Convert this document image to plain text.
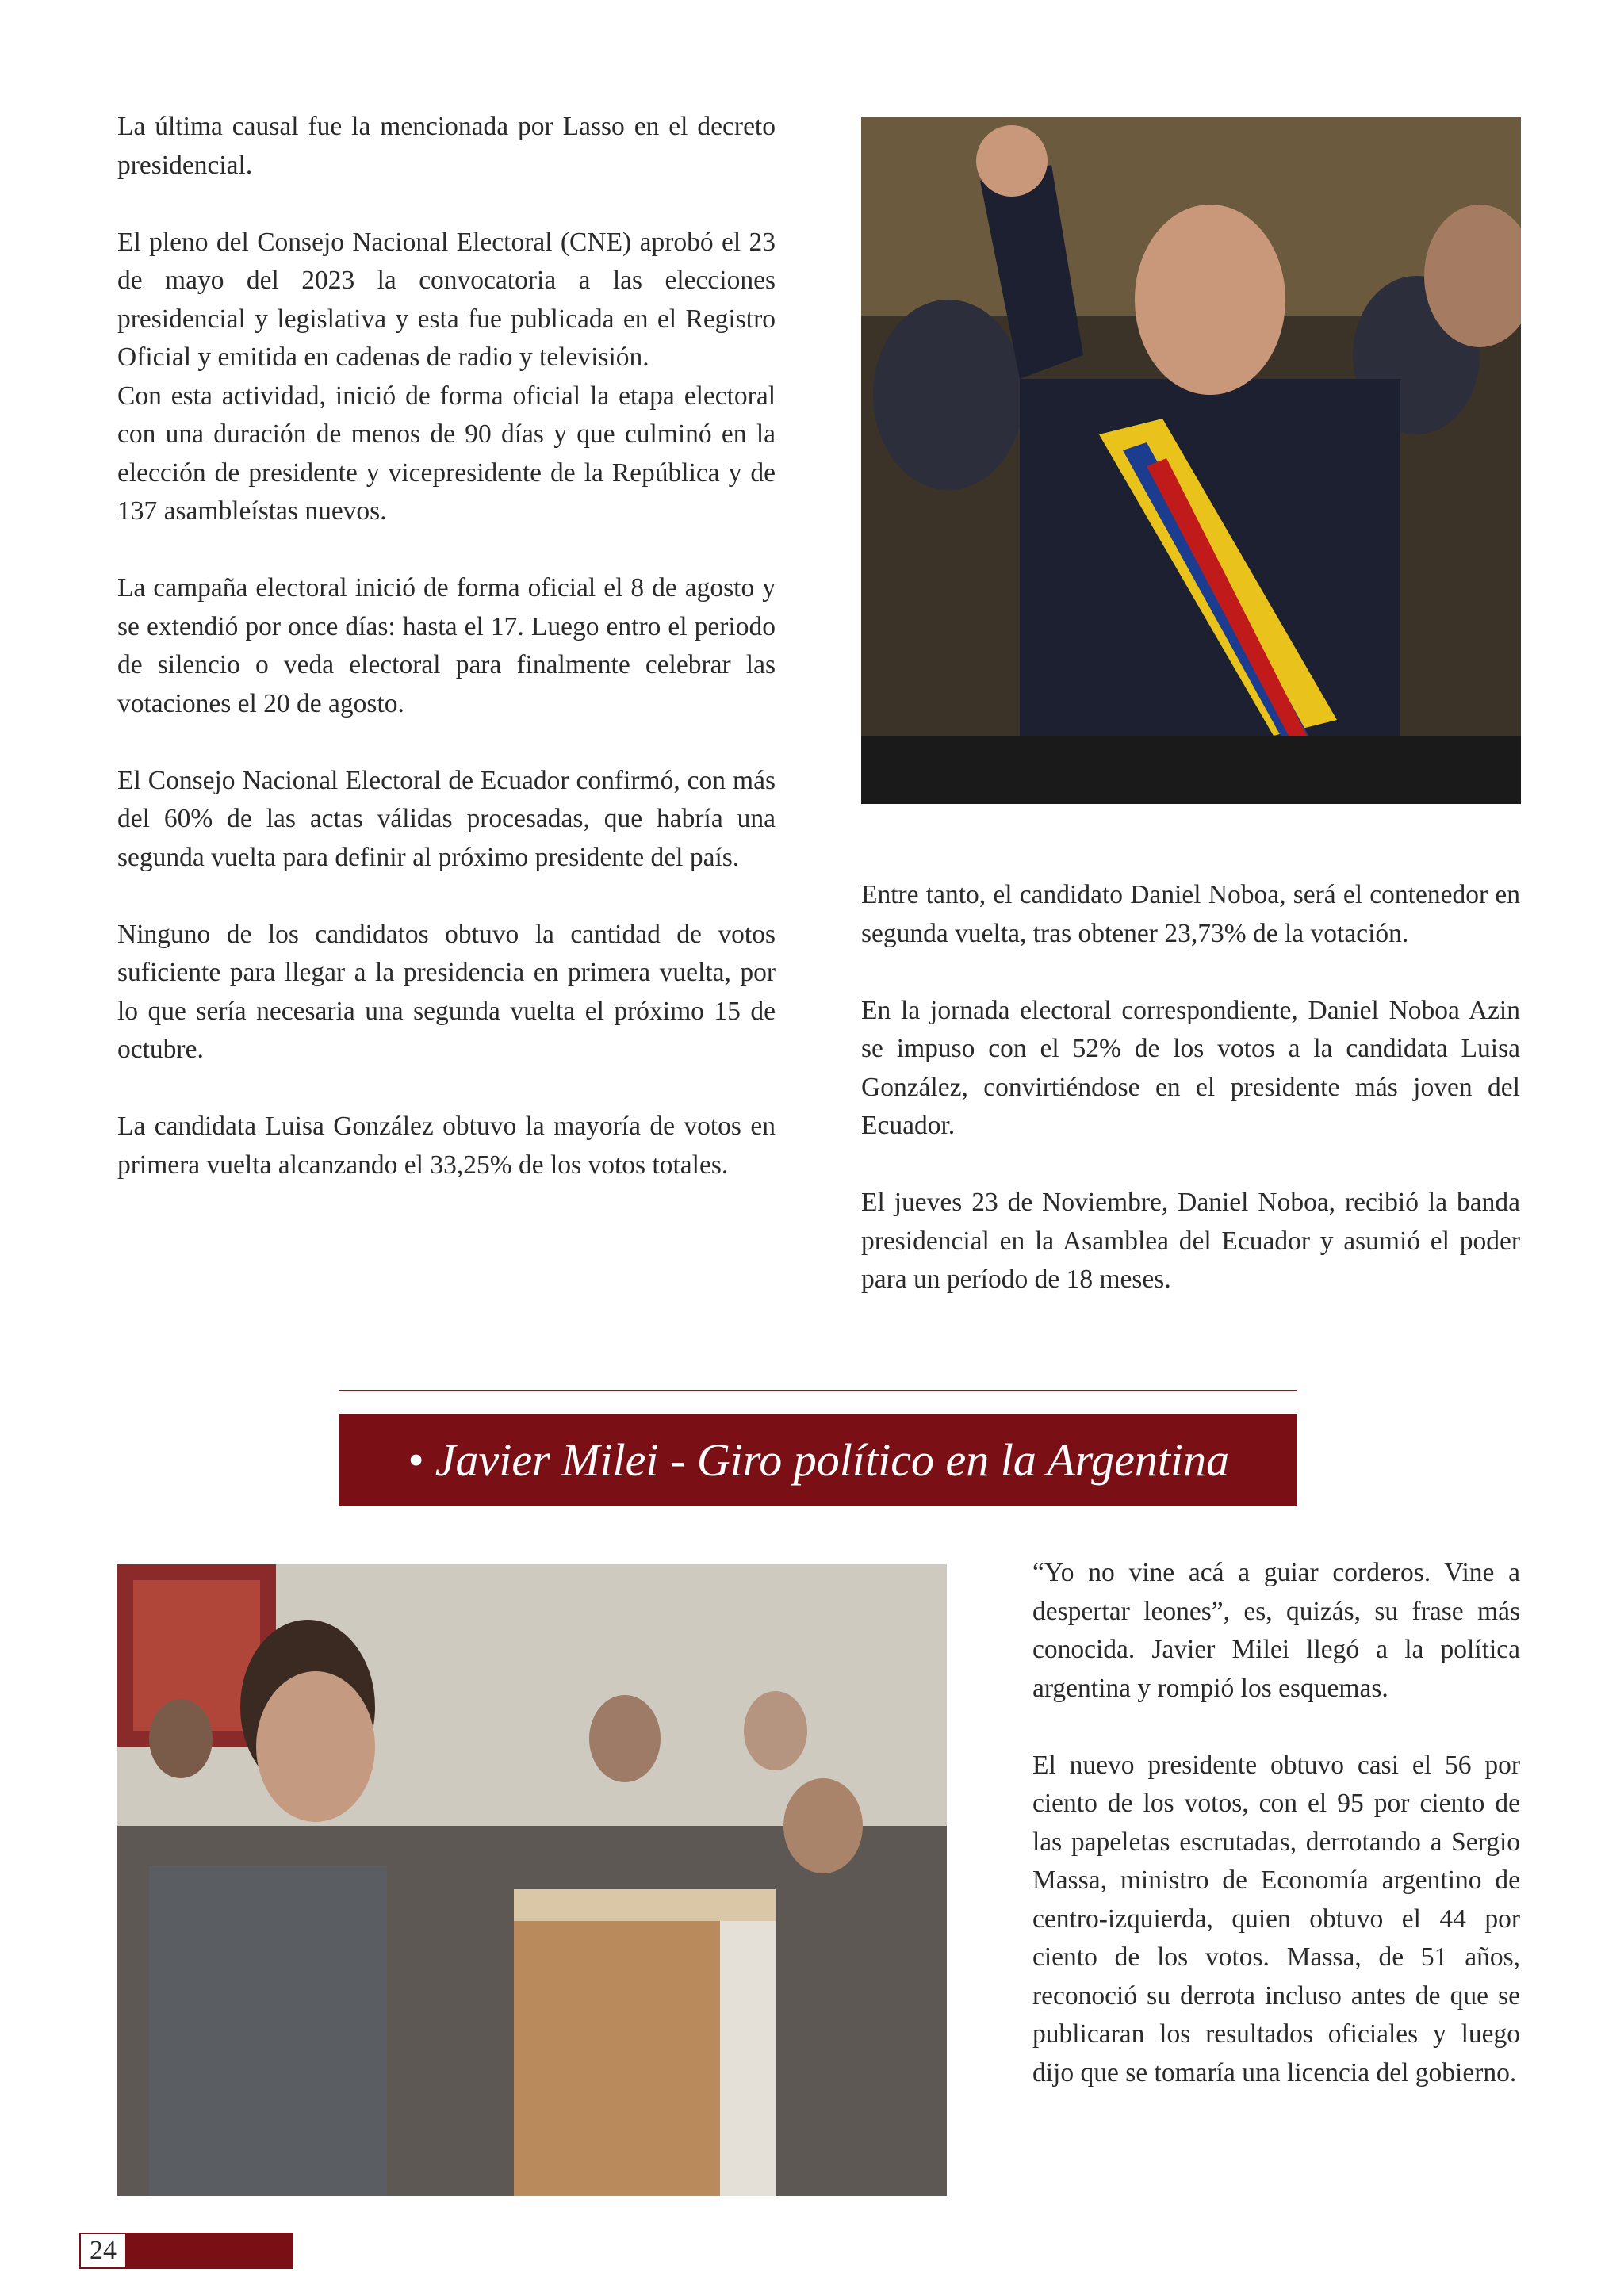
La última causal fue la mencionada por Lasso en el decreto presidencial.

El pleno del Consejo Nacional Electoral (CNE) aprobó el 23 de mayo del 2023 la convocatoria a las elecciones presidencial y legislativa y esta fue publicada en el Registro Oficial y emitida en cadenas de radio y televisión.

Con esta actividad, inició de forma oficial la etapa electoral con una duración de menos de 90 días y que culminó en la elección de presidente y vicepresidente de la República y de 137 asambleístas nuevos.

La campaña electoral inició de forma oficial el 8 de agosto y se extendió por once días: hasta el 17. Luego entro el periodo de silencio o veda electoral para finalmente celebrar las votaciones el 20 de agosto.

El Consejo Nacional Electoral de Ecuador confirmó, con más del 60% de las actas válidas procesadas, que habría una segunda vuelta para definir al próximo presidente del país.

Ninguno de los candidatos obtuvo la cantidad de votos suficiente para llegar a la presidencia en primera vuelta, por lo que sería necesaria una segunda vuelta el próximo 15 de octubre.

La candidata Luisa González obtuvo la mayoría de votos en primera vuelta alcanzando el 33,25% de los votos totales.

Entre tanto, el candidato Daniel Noboa, será el contenedor en segunda vuelta, tras obtener 23,73% de la votación.

En la jornada electoral correspondiente, Daniel Noboa Azin se impuso con el 52% de los votos a la candidata Luisa González, convirtiéndose en el presidente más joven del Ecuador.

El jueves 23 de Noviembre, Daniel Noboa, recibió la banda presidencial en la Asamblea del Ecuador y asumió el poder para un período de 18 meses.

• Javier Milei - Giro político en la Argentina

“Yo no vine acá a guiar corderos. Vine a despertar leones”, es, quizás, su frase más conocida. Javier Milei llegó a la política argentina y rompió los esquemas.

El nuevo presidente obtuvo casi el 56 por ciento de los votos, con el 95 por ciento de las papeletas escrutadas, derrotando a Sergio Massa, ministro de Economía argentino de centro-izquierda, quien obtuvo el 44 por ciento de los votos. Massa, de 51 años, reconoció su derrota incluso antes de que se publicaran los resultados oficiales y luego dijo que se tomaría una licencia del gobierno.

24
